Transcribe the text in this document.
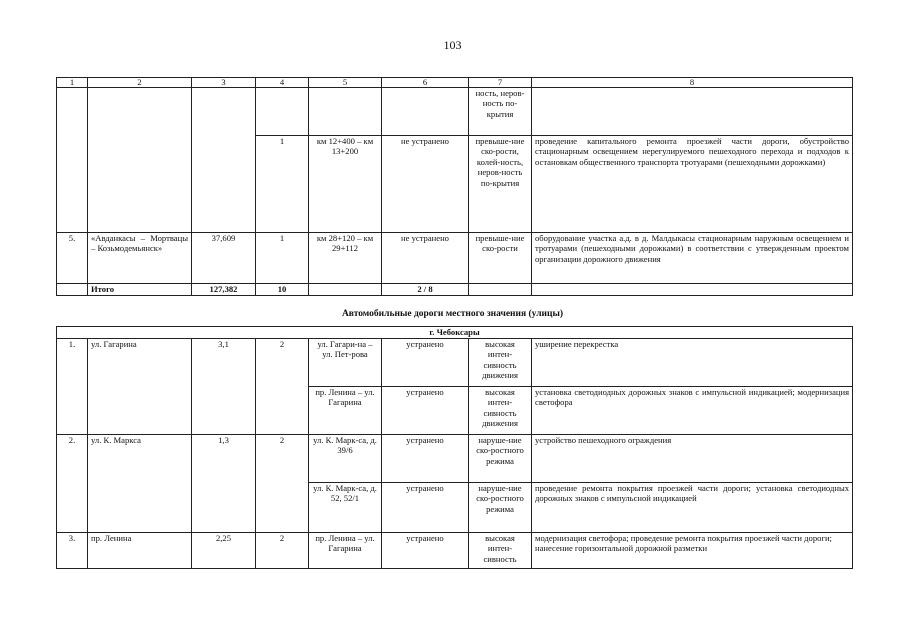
103
1	2	3	4	5	6	7	8
						ность, неров-ность по-крытия	
			1	км 12+400 – км 13+200	не устранено	превыше-ние ско-рости, колей-ность, неров-ность по-крытия	проведение капитального ремонта проезжей части дороги, обустройство стационарным освещением нерегулируемого пешеходного перехода и подходов к остановкам общественного транспорта тротуарами (пешеходными дорожками)
5.	«Авданкасы – Мортвацы – Козьмодемьянск»	37,609	1	км 28+120 – км 29+112	не устранено	превыше-ние ско-рости	оборудование участка а.д. в д. Малдыкасы стационарным наружным освещением и тротуарами (пешеходными дорожками) в соответствии с утвержденным проектом организации дорожного движения
	Итого	127,382	10		2 / 8		
Автомобильные дороги местного значения (улицы)
г. Чебоксары							
1.	ул. Гагарина	3,1	2	ул. Гагари-на – ул. Пет-рова	устранено	высокая интен-сивность движения	уширение перекрестка
				пр. Ленина – ул. Гагарина	устранено	высокая интен-сивность движения	установка светодиодных дорожных знаков с импульсной индикацией; модернизация светофора
2.	ул. К. Маркса	1,3	2	ул. К. Марк-са, д. 39/6	устранено	наруше-ние ско-ростного режима	устройство пешеходного ограждения
				ул. К. Марк-са, д. 52, 52/1	устранено	наруше-ние ско-ростного режима	проведение ремонта покрытия проезжей части дороги; установка светодиодных дорожных знаков с импульсной индикацией
3.	пр. Ленина	2,25	2	пр. Ленина – ул. Гагарина	устранено	высокая интен-сивность	модернизация светофора; проведение ремонта покрытия проезжей части дороги; нанесение горизонтальной дорожной разметки
